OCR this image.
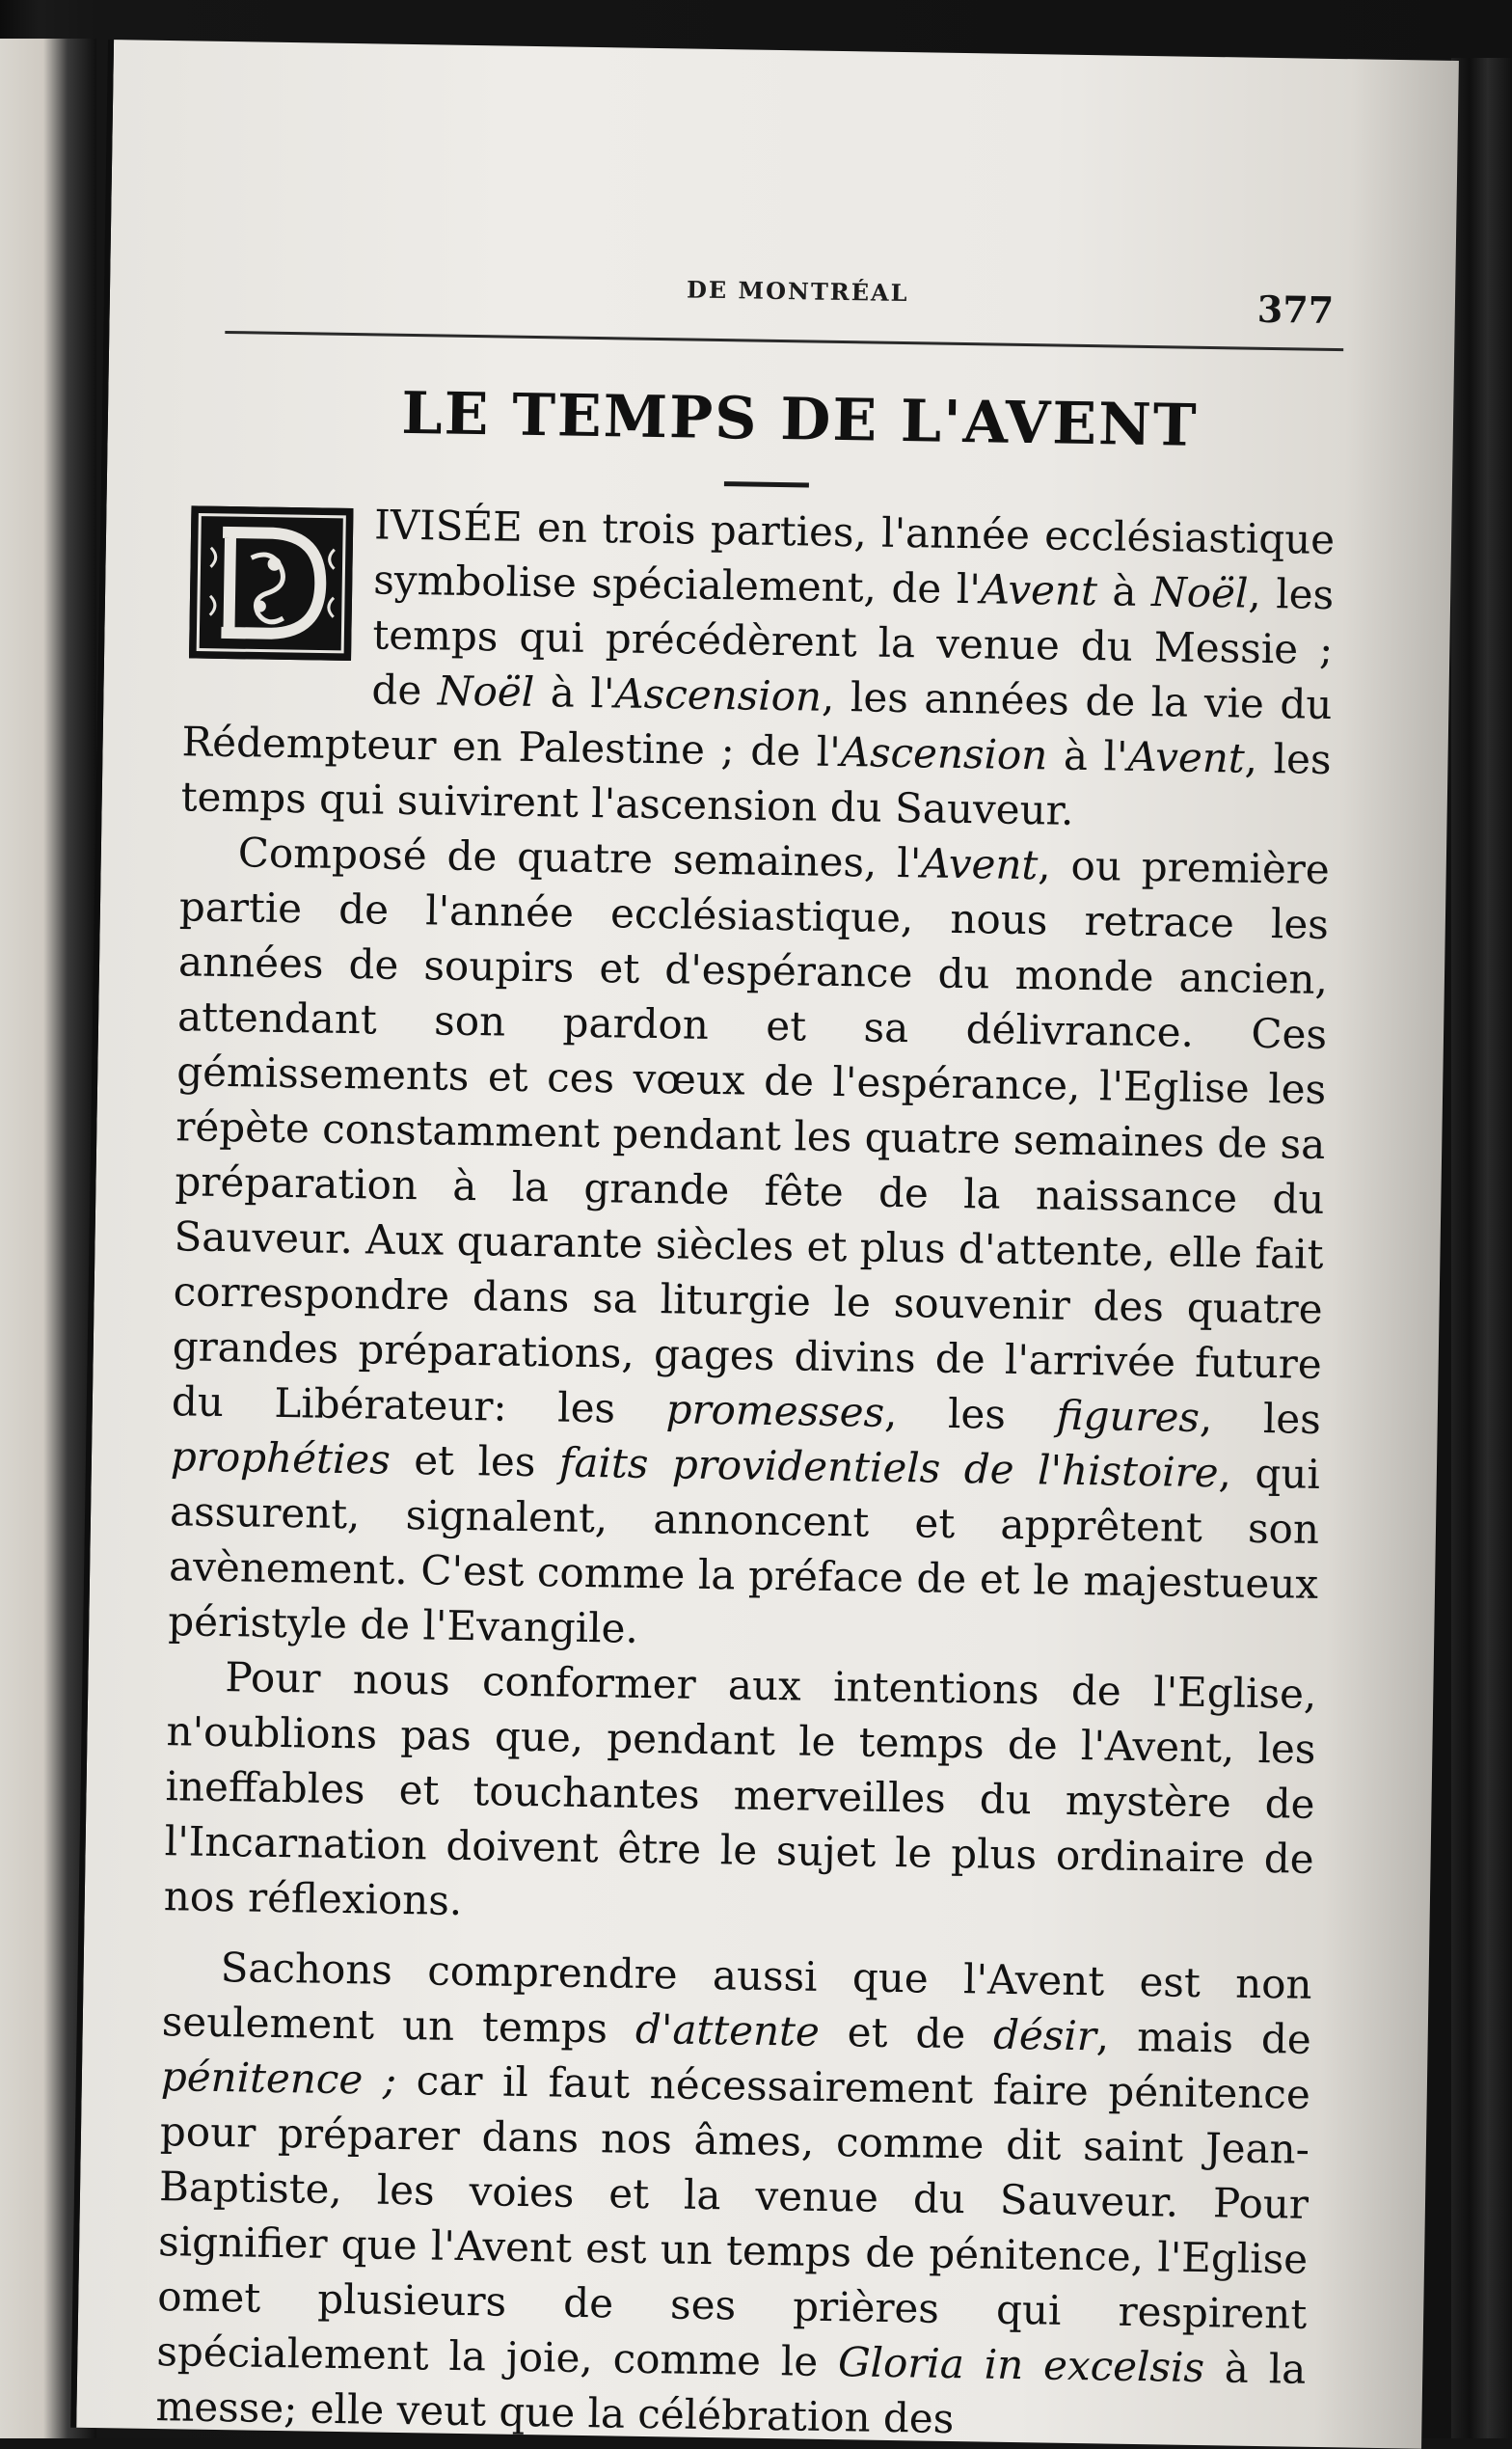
DE MONTRÉAL	377
LE TEMPS DE L'AVENT

IVISÉE en trois parties, l'année ecclésiastique symbolise spécialement, de l'Avent à Noël, les temps qui précédèrent la venue du Messie ; de Noël à l'Ascension, les années de la vie du Rédempteur en Palestine ; de l'Ascension à l'Avent, les temps qui suivirent l'ascension du Sauveur.

Composé de quatre semaines, l'Avent, ou première partie de l'année ecclésiastique, nous retrace les années de soupirs et d'espérance du monde ancien, attendant son pardon et sa délivrance. Ces gémissements et ces vœux de l'espérance, l'Eglise les répète constamment pendant les quatre semaines de sa préparation à la grande fête de la naissance du Sauveur. Aux quarante siècles et plus d'attente, elle fait correspondre dans sa liturgie le souvenir des quatre grandes préparations, gages divins de l'arrivée future du Libérateur: les promesses, les figures, les prophéties et les faits providentiels de l'histoire, qui assurent, signalent, annoncent et apprêtent son avènement. C'est comme la préface de et le majestueux péristyle de l'Evangile.

Pour nous conformer aux intentions de l'Eglise, n'oublions pas que, pendant le temps de l'Avent, les ineffables et touchantes merveilles du mystère de l'Incarnation doivent être le sujet le plus ordinaire de nos réflexions.

Sachons comprendre aussi que l'Avent est non seulement un temps d'attente et de désir, mais de pénitence ; car il faut nécessairement faire pénitence pour préparer dans nos âmes, comme dit saint Jean-Baptiste, les voies et la venue du Sauveur. Pour signifier que l'Avent est un temps de pénitence, l'Eglise omet plusieurs de ses prières qui respirent spécialement la joie, comme le Gloria in excelsis à la messe; elle veut que la célébration des
